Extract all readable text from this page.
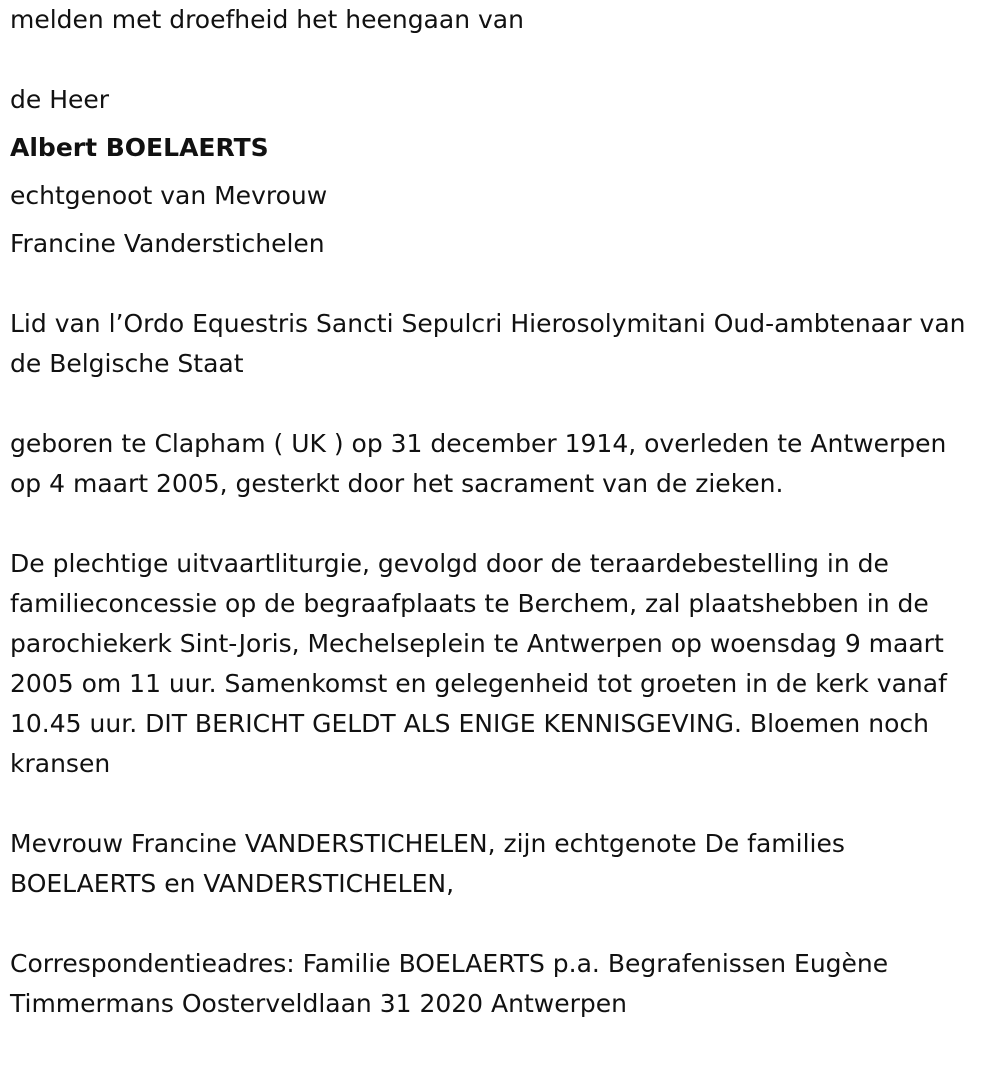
melden met droefheid het heengaan van

de Heer

Albert BOELAERTS

echtgenoot van Mevrouw

Francine Vanderstichelen

Lid van l’Ordo Equestris Sancti Sepulcri Hierosolymitani Oud-ambtenaar van de Belgische Staat

geboren te Clapham ( UK ) op 31 december 1914, overleden te Antwerpen op 4 maart 2005, gesterkt door het sacrament van de zieken.

De plechtige uitvaartliturgie, gevolgd door de teraardebestelling in de familieconcessie op de begraafplaats te Berchem, zal plaatshebben in de parochiekerk Sint-Joris, Mechelseplein te Antwerpen op woensdag 9 maart 2005 om 11 uur. Samenkomst en gelegenheid tot groeten in de kerk vanaf 10.45 uur. DIT BERICHT GELDT ALS ENIGE KENNISGEVING. Bloemen noch kransen

Mevrouw Francine VANDERSTICHELEN, zijn echtgenote De families BOELAERTS en VANDERSTICHELEN,

Correspondentieadres: Familie BOELAERTS p.a. Begrafenissen Eugène Timmermans Oosterveldlaan 31 2020 Antwerpen
